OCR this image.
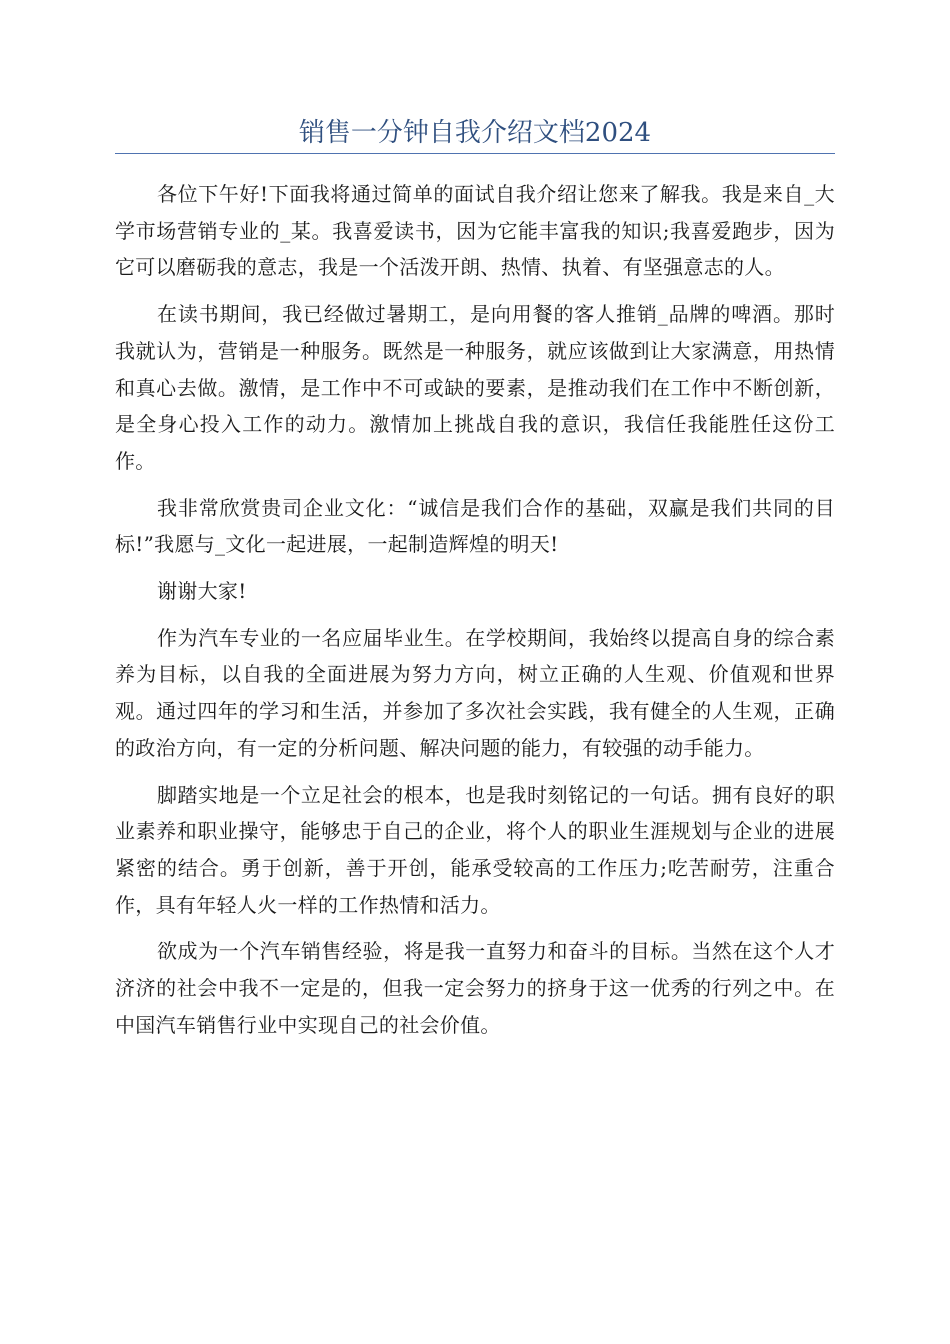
销售一分钟自我介绍文档2024

各位下午好!下面我将通过简单的面试自我介绍让您来了解我。我是来自_大学市场营销专业的_某。我喜爱读书，因为它能丰富我的知识;我喜爱跑步，因为它可以磨砺我的意志，我是一个活泼开朗、热情、执着、有坚强意志的人。

在读书期间，我已经做过暑期工，是向用餐的客人推销_品牌的啤酒。那时我就认为，营销是一种服务。既然是一种服务，就应该做到让大家满意，用热情和真心去做。激情，是工作中不可或缺的要素，是推动我们在工作中不断创新，是全身心投入工作的动力。激情加上挑战自我的意识，我信任我能胜任这份工作。

我非常欣赏贵司企业文化：“诚信是我们合作的基础，双赢是我们共同的目标!”我愿与_文化一起进展，一起制造辉煌的明天!

谢谢大家!

作为汽车专业的一名应届毕业生。在学校期间，我始终以提高自身的综合素养为目标，以自我的全面进展为努力方向，树立正确的人生观、价值观和世界观。通过四年的学习和生活，并参加了多次社会实践，我有健全的人生观，正确的政治方向，有一定的分析问题、解决问题的能力，有较强的动手能力。

脚踏实地是一个立足社会的根本，也是我时刻铭记的一句话。拥有良好的职业素养和职业操守，能够忠于自己的企业，将个人的职业生涯规划与企业的进展紧密的结合。勇于创新，善于开创，能承受较高的工作压力;吃苦耐劳，注重合作，具有年轻人火一样的工作热情和活力。

欲成为一个汽车销售经验，将是我一直努力和奋斗的目标。当然在这个人才济济的社会中我不一定是的，但我一定会努力的挤身于这一优秀的行列之中。在中国汽车销售行业中实现自己的社会价值。
